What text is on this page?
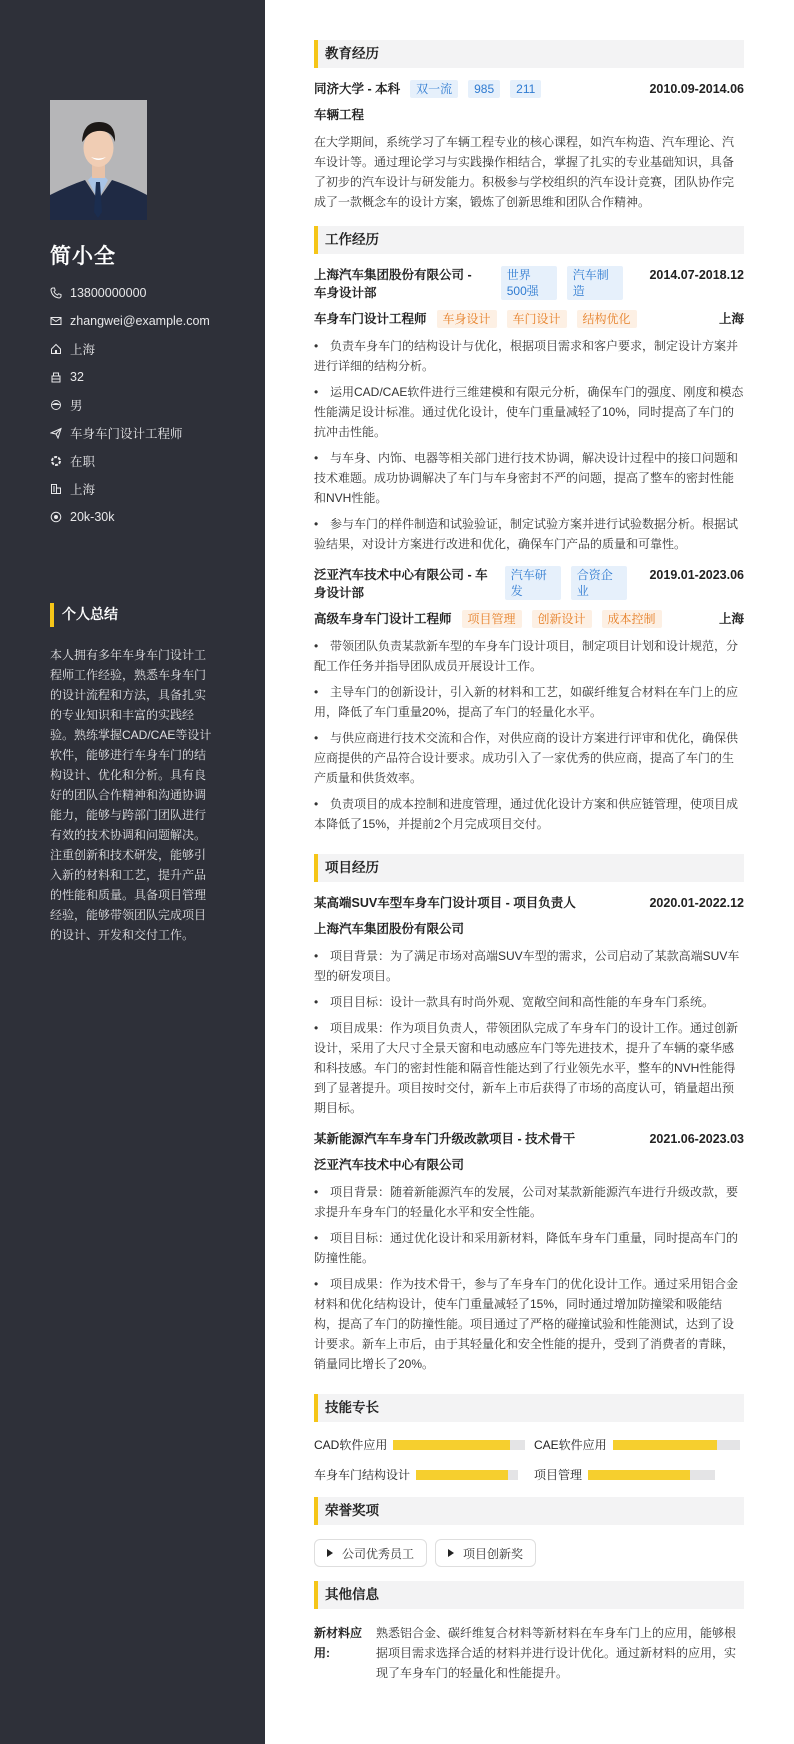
简小全
13800000000
zhangwei@example.com
上海
32
男
车身车门设计工程师
在职
上海
20k-30k
个人总结
本人拥有多年车身车门设计工程师工作经验，熟悉车身车门的设计流程和方法，具备扎实的专业知识和丰富的实践经验。熟练掌握CAD/CAE等设计软件，能够进行车身车门的结构设计、优化和分析。具有良好的团队合作精神和沟通协调能力，能够与跨部门团队进行有效的技术协调和问题解决。注重创新和技术研发，能够引入新的材料和工艺，提升产品的性能和质量。具备项目管理经验，能够带领团队完成项目的设计、开发和交付工作。
教育经历
同济大学 - 本科	双一流	985	211	2010.09-2014.06
车辆工程
在大学期间，系统学习了车辆工程专业的核心课程，如汽车构造、汽车理论、汽车设计等。通过理论学习与实践操作相结合，掌握了扎实的专业基础知识，具备了初步的汽车设计与研发能力。积极参与学校组织的汽车设计竞赛，团队协作完成了一款概念车的设计方案，锻炼了创新思维和团队合作精神。
工作经历
上海汽车集团股份有限公司 - 车身设计部
世界500强
汽车制造
2014.07-2018.12
车身车门设计工程师	车身设计	车门设计	结构优化	上海
• 负责车身车门的结构设计与优化，根据项目需求和客户要求，制定设计方案并进行详细的结构分析。
• 运用CAD/CAE软件进行三维建模和有限元分析，确保车门的强度、刚度和模态性能满足设计标准。通过优化设计，使车门重量减轻了10%，同时提高了车门的抗冲击性能。
• 与车身、内饰、电器等相关部门进行技术协调，解决设计过程中的接口问题和技术难题。成功协调解决了车门与车身密封不严的问题，提高了整车的密封性能和NVH性能。
• 参与车门的样件制造和试验验证，制定试验方案并进行试验数据分析。根据试验结果，对设计方案进行改进和优化，确保车门产品的质量和可靠性。
泛亚汽车技术中心有限公司 - 车身设计部
汽车研发
合资企业
2019.01-2023.06
高级车身车门设计工程师	项目管理	创新设计	成本控制	上海
• 带领团队负责某款新车型的车身车门设计项目，制定项目计划和设计规范，分配工作任务并指导团队成员开展设计工作。
• 主导车门的创新设计，引入新的材料和工艺，如碳纤维复合材料在车门上的应用，降低了车门重量20%，提高了车门的轻量化水平。
• 与供应商进行技术交流和合作，对供应商的设计方案进行评审和优化，确保供应商提供的产品符合设计要求。成功引入了一家优秀的供应商，提高了车门的生产质量和供货效率。
• 负责项目的成本控制和进度管理，通过优化设计方案和供应链管理，使项目成本降低了15%，并提前2个月完成项目交付。
项目经历
某高端SUV车型车身车门设计项目 - 项目负责人	2020.01-2022.12
上海汽车集团股份有限公司
• 项目背景：为了满足市场对高端SUV车型的需求，公司启动了某款高端SUV车型的研发项目。
• 项目目标：设计一款具有时尚外观、宽敞空间和高性能的车身车门系统。
• 项目成果：作为项目负责人，带领团队完成了车身车门的设计工作。通过创新设计，采用了大尺寸全景天窗和电动感应车门等先进技术，提升了车辆的豪华感和科技感。车门的密封性能和隔音性能达到了行业领先水平，整车的NVH性能得到了显著提升。项目按时交付，新车上市后获得了市场的高度认可，销量超出预期目标。
某新能源汽车车身车门升级改款项目 - 技术骨干	2021.06-2023.03
泛亚汽车技术中心有限公司
• 项目背景：随着新能源汽车的发展，公司对某款新能源汽车进行升级改款，要求提升车身车门的轻量化水平和安全性能。
• 项目目标：通过优化设计和采用新材料，降低车身车门重量，同时提高车门的防撞性能。
• 项目成果：作为技术骨干，参与了车身车门的优化设计工作。通过采用铝合金材料和优化结构设计，使车门重量减轻了15%，同时通过增加防撞梁和吸能结构，提高了车门的防撞性能。项目通过了严格的碰撞试验和性能测试，达到了设计要求。新车上市后，由于其轻量化和安全性能的提升，受到了消费者的青睐，销量同比增长了20%。
技能专长
CAD软件应用	CAE软件应用
车身车门结构设计	项目管理
荣誉奖项
公司优秀员工	项目创新奖
其他信息
新材料应用:
熟悉铝合金、碳纤维复合材料等新材料在车身车门上的应用，能够根据项目需求选择合适的材料并进行设计优化。通过新材料的应用，实现了车身车门的轻量化和性能提升。
